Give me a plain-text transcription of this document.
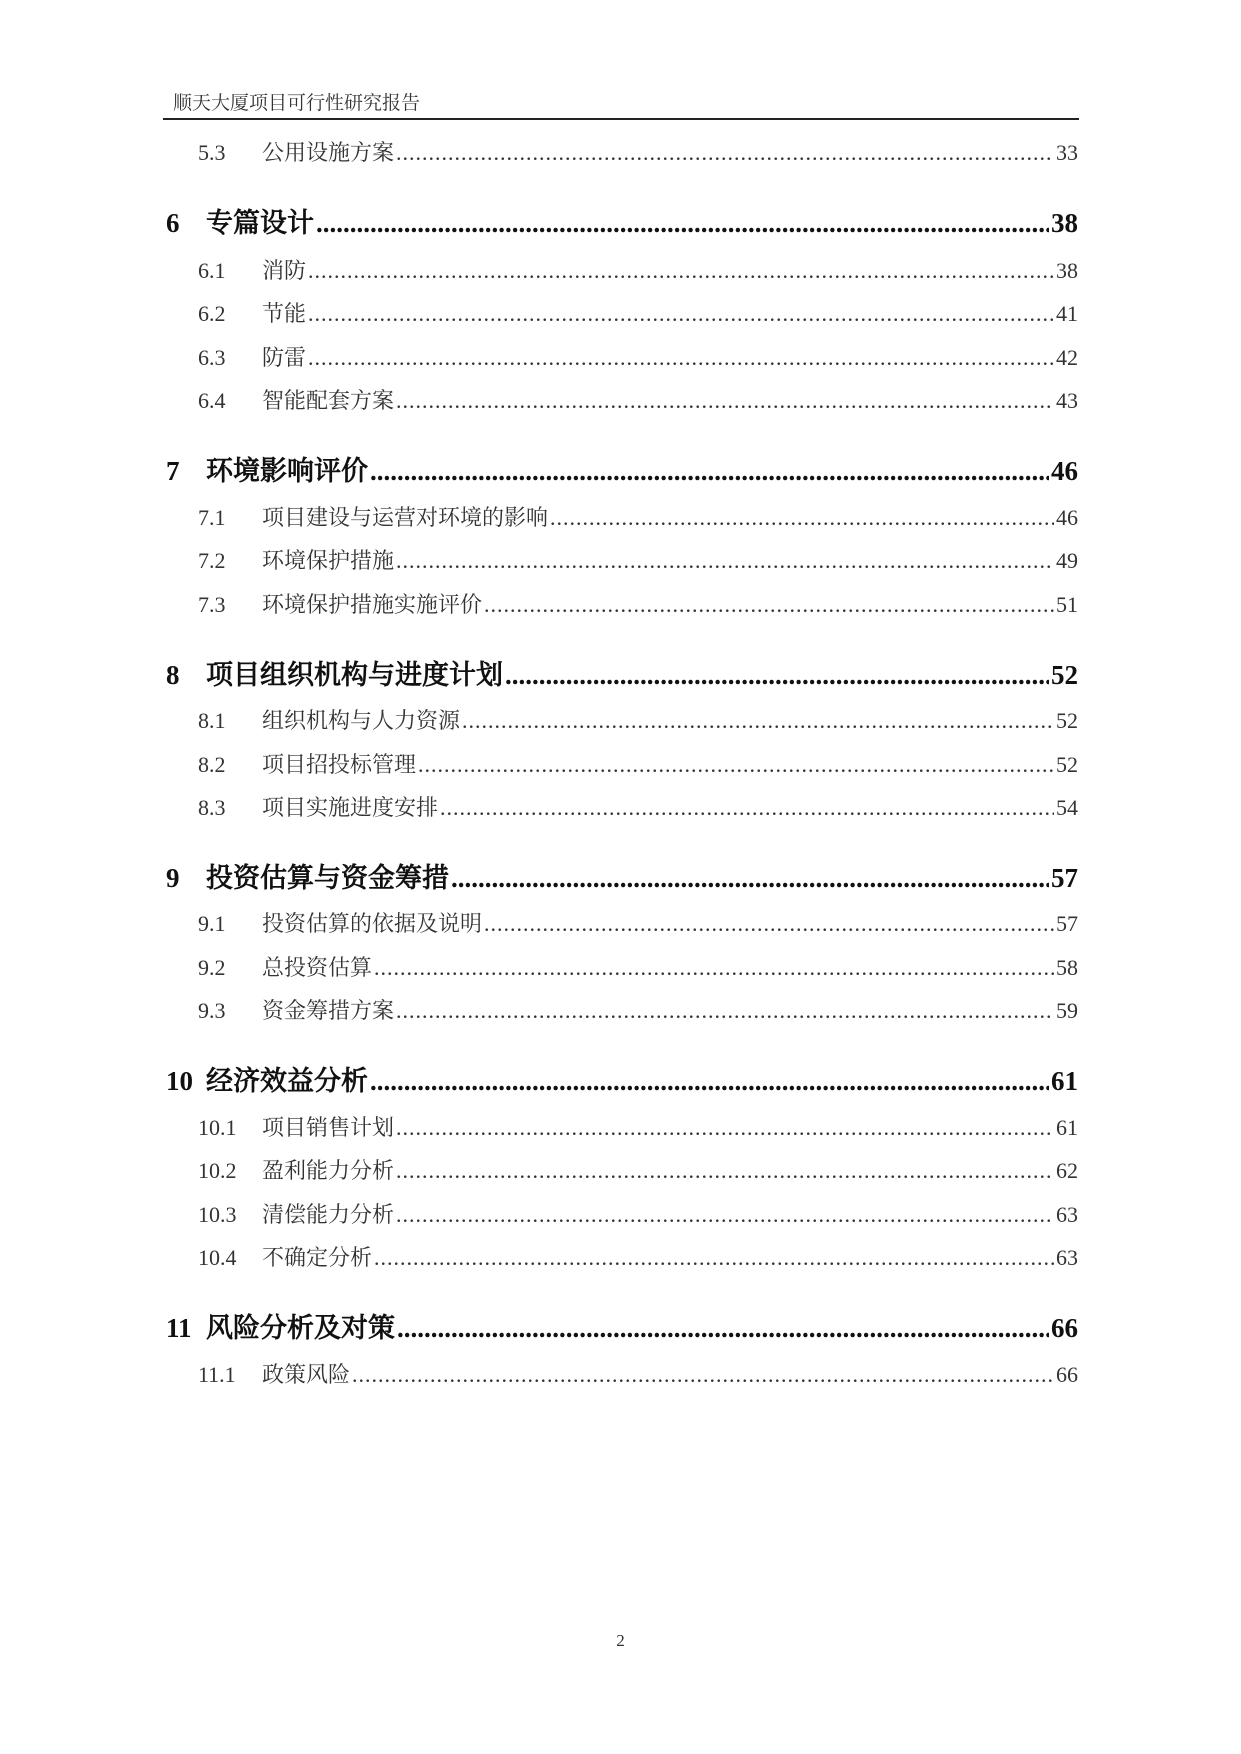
顺天大厦项目可行性研究报告
5.3	公用设施方案 .....	33
6 专篇设计 .....	38
6.1	消防 .....	38
6.2	节能 .....	41
6.3	防雷 .....	42
6.4	智能配套方案 .....	43
7 环境影响评价 .....	46
7.1	项目建设与运营对环境的影响 .....	46
7.2	环境保护措施 .....	49
7.3	环境保护措施实施评价 .....	51
8 项目组织机构与进度计划 .....	52
8.1	组织机构与人力资源 .....	52
8.2	项目招投标管理 .....	52
8.3	项目实施进度安排 .....	54
9 投资估算与资金筹措 .....	57
9.1	投资估算的依据及说明 .....	57
9.2	总投资估算 .....	58
9.3	资金筹措方案 .....	59
10 经济效益分析 .....	61
10.1	项目销售计划 .....	61
10.2	盈利能力分析 .....	62
10.3	清偿能力分析 .....	63
10.4	不确定分析 .....	63
11 风险分析及对策 .....	66
11.1	政策风险 .....	66
2
